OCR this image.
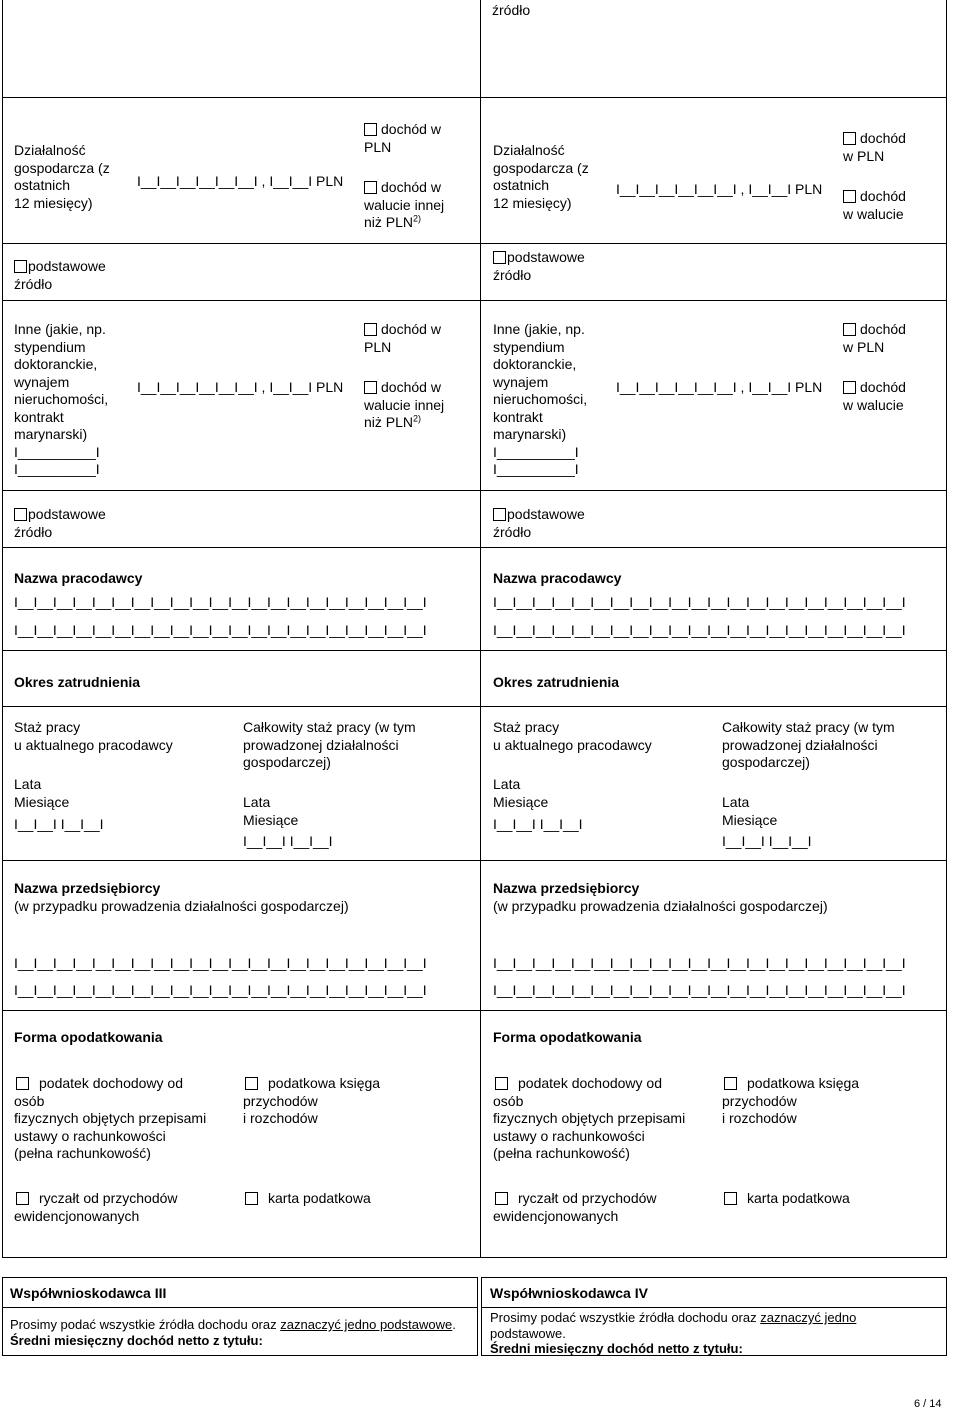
źródło
Działalność
gospodarcza (z
ostatnich
12 miesięcy)
I__I__I__I__I__I__I , I__I__I PLN
dochód w
PLN
dochód w
walucie innej
niż PLN$^{2)}$
Działalność
gospodarcza (z
ostatnich
12 miesięcy)
I__I__I__I__I__I__I , I__I__I PLN
dochód
w PLN
dochód
w walucie
podstawowe
źródło
podstawowe
źródło
Inne (jakie, np.
stypendium
doktoranckie,
wynajem
nieruchomości,
kontrakt
marynarski)
I__________I
I__________I
I__I__I__I__I__I__I , I__I__I PLN
dochód w
PLN
dochód w
walucie innej
niż PLN$^{2)}$
Inne (jakie, np.
stypendium
doktoranckie,
wynajem
nieruchomości,
kontrakt
marynarski)
I__________I
I__________I
I__I__I__I__I__I__I , I__I__I PLN
dochód
w PLN
dochód
w walucie
podstawowe
źródło
podstawowe
źródło
Nazwa pracodawcy
I__I__I__I__I__I__I__I__I__I__I__I__I__I__I__I__I__I__I__I__I__I
I__I__I__I__I__I__I__I__I__I__I__I__I__I__I__I__I__I__I__I__I__I
Nazwa pracodawcy
I__I__I__I__I__I__I__I__I__I__I__I__I__I__I__I__I__I__I__I__I__I
I__I__I__I__I__I__I__I__I__I__I__I__I__I__I__I__I__I__I__I__I__I
Okres zatrudnienia	Okres zatrudnienia
Staż pracy
u aktualnego pracodawcy
Lata
Miesiące
I__I__I I__I__I
Całkowity staż pracy (w tym
prowadzonej działalności
gospodarczej)
Lata
Miesiące
I__I__I I__I__I
Staż pracy
u aktualnego pracodawcy
Lata
Miesiące
I__I__I I__I__I
Całkowity staż pracy (w tym
prowadzonej działalności
gospodarczej)
Lata
Miesiące
I__I__I I__I__I
Nazwa przedsiębiorcy
(w przypadku prowadzenia działalności gospodarczej)
I__I__I__I__I__I__I__I__I__I__I__I__I__I__I__I__I__I__I__I__I__I
I__I__I__I__I__I__I__I__I__I__I__I__I__I__I__I__I__I__I__I__I__I
Nazwa przedsiębiorcy
(w przypadku prowadzenia działalności gospodarczej)
I__I__I__I__I__I__I__I__I__I__I__I__I__I__I__I__I__I__I__I__I__I
I__I__I__I__I__I__I__I__I__I__I__I__I__I__I__I__I__I__I__I__I__I
Forma opodatkowania	Forma opodatkowania
podatek dochodowy od
osób
fizycznych objętych przepisami
ustawy o rachunkowości
(pełna rachunkowość)
podatkowa księga
przychodów
i rozchodów
ryczałt od przychodów
ewidencjonowanych
karta podatkowa
podatek dochodowy od
osób
fizycznych objętych przepisami
ustawy o rachunkowości
(pełna rachunkowość)
podatkowa księga
przychodów
i rozchodów
ryczałt od przychodów
ewidencjonowanych
karta podatkowa
Współwnioskodawca III
Prosimy podać wszystkie źródła dochodu oraz zaznaczyć jedno podstawowe.
Średni miesięczny dochód netto z tytułu:
Współwnioskodawca IV
Prosimy podać wszystkie źródła dochodu oraz zaznaczyć jedno
podstawowe.
Średni miesięczny dochód netto z tytułu:
6 / 14
